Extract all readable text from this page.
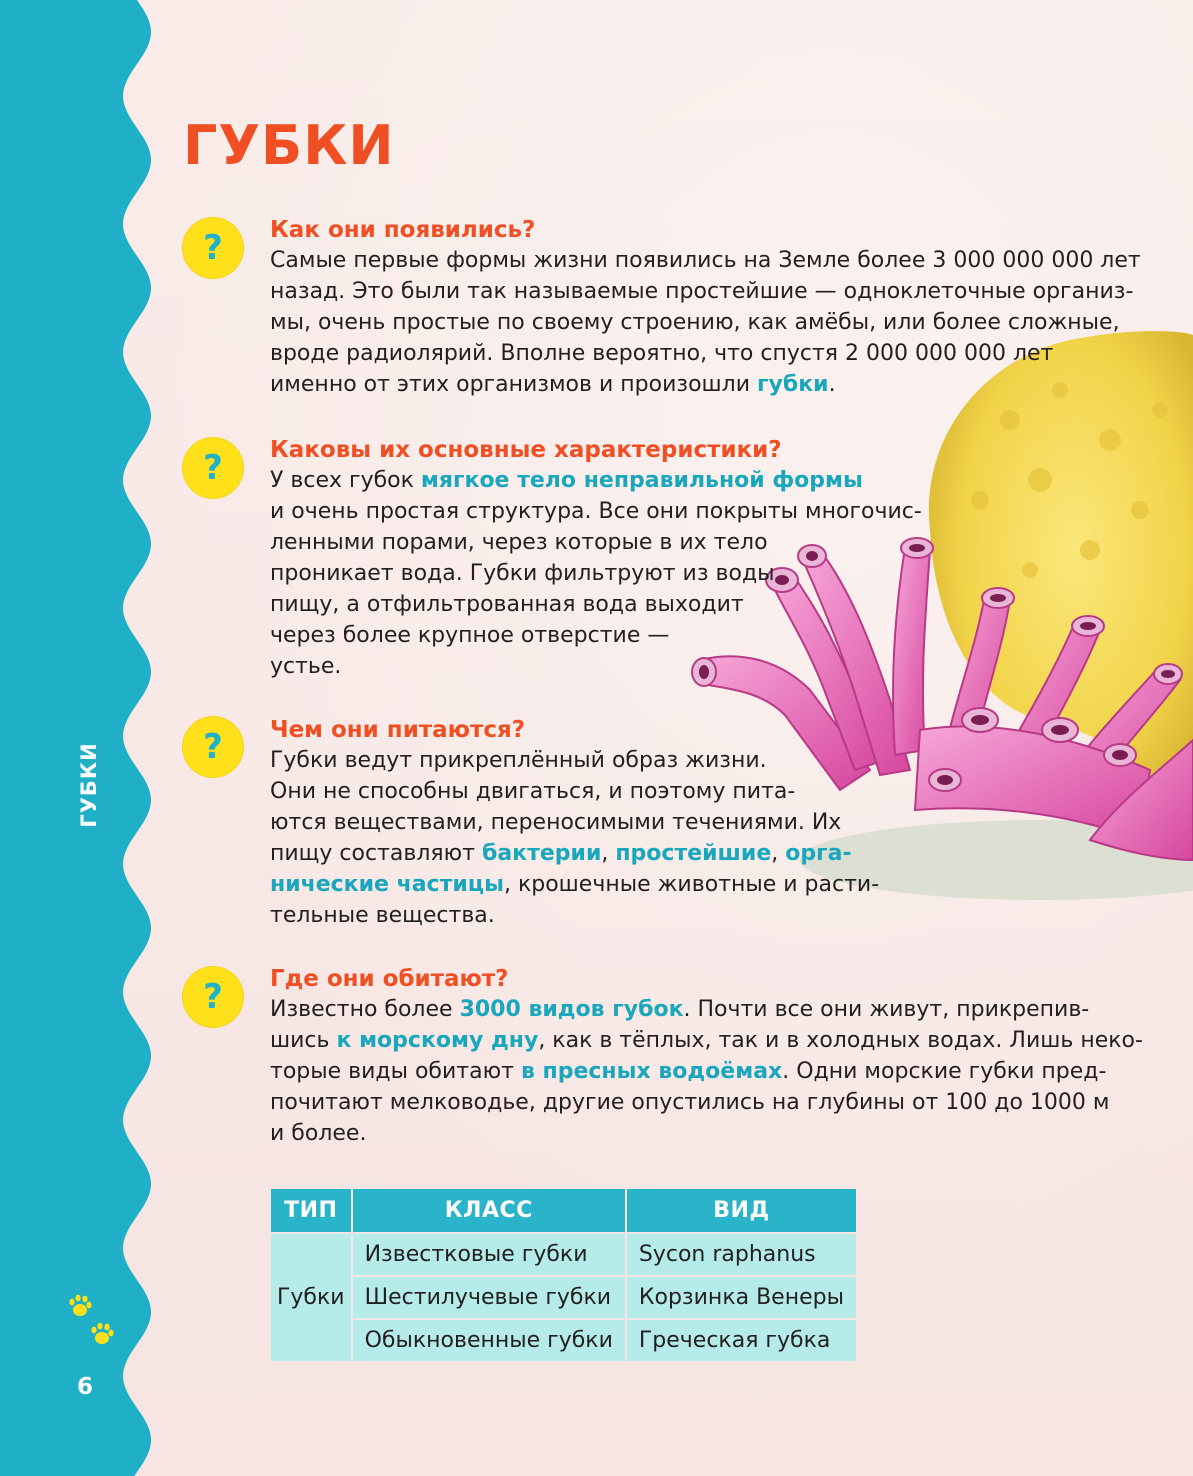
ГУБКИ
6
ГУБКИ
?	Как они появились?
Самые первые формы жизни появились на Земле более 3 000 000 000 лет
назад. Это были так называемые простейшие — одноклеточные организ-
мы, очень простые по своему строению, как амёбы, или более сложные,
вроде радиолярий. Вполне вероятно, что спустя 2 000 000 000 лет
именно от этих организмов и произошли губки.
?	Каковы их основные характеристики?
У всех губок мягкое тело неправильной формы
и очень простая структура. Все они покрыты многочис-
ленными порами, через которые в их тело
проникает вода. Губки фильтруют из воды
пищу, а отфильтрованная вода выходит
через более крупное отверстие —
устье.
?	Чем они питаются?
Губки ведут прикреплённый образ жизни.
Они не способны двигаться, и поэтому пита-
ются веществами, переносимыми течениями. Их
пищу составляют бактерии, простейшие, орга-
нические частицы, крошечные животные и расти-
тельные вещества.
?	Где они обитают?
Известно более 3000 видов губок. Почти все они живут, прикрепив-
шись к морскому дну, как в тёплых, так и в холодных водах. Лишь неко-
торые виды обитают в пресных водоёмах. Одни морские губки пред-
почитают мелководье, другие опустились на глубины от 100 до 1000 м
и более.
ТИП	КЛАСС	ВИД
Губки	Известковые губки	Sycon raphanus
	Шестилучевые губки	Корзинка Венеры
	Обыкновенные губки	Греческая губка
